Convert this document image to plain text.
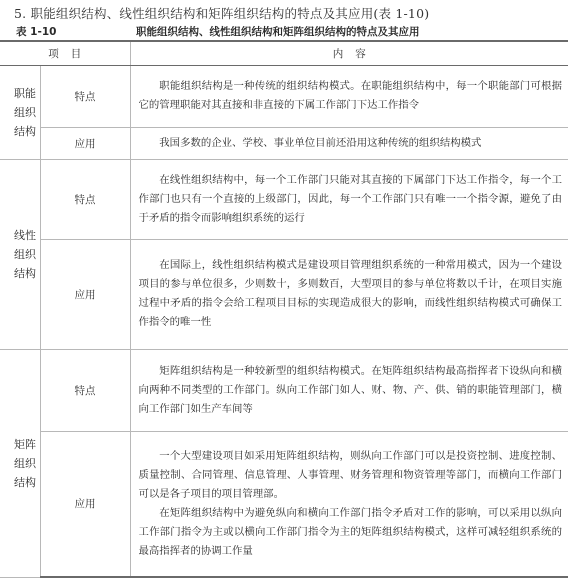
5. 职能组织结构、线性组织结构和矩阵组织结构的特点及其应用(表 1-10)
表 1-10	职能组织结构、线性组织结构和矩阵组织结构的特点及其应用
项目		内容

职能
组织
结构	特点	职能组织结构是一种传统的组织结构模式。在职能组织结构中，每一个职能部门可根据它的管理职能对其直接和非直接的下属工作部门下达工作指令

	应用	我国多数的企业、学校、事业单位目前还沿用这种传统的组织结构模式

线性
组织
结构	特点	在线性组织结构中，每一个工作部门只能对其直接的下属部门下达工作指令，每一个工作部门也只有一个直接的上级部门，因此，每一个工作部门只有唯一一个指令源，避免了由于矛盾的指令而影响组织系统的运行

	应用	在国际上，线性组织结构模式是建设项目管理组织系统的一种常用模式，因为一个建设项目的参与单位很多，少则数十，多则数百，大型项目的参与单位将数以千计，在项目实施过程中矛盾的指令会给工程项目目标的实现造成很大的影响，而线性组织结构模式可确保工作指令的唯一性

矩阵
组织
结构	特点	矩阵组织结构是一种较新型的组织结构模式。在矩阵组织结构最高指挥者下设纵向和横向两种不同类型的工作部门。纵向工作部门如人、财、物、产、供、销的职能管理部门，横向工作部门如生产车间等

	应用	一个大型建设项目如采用矩阵组织结构，则纵向工作部门可以是投资控制、进度控制、质量控制、合同管理、信息管理、人事管理、财务管理和物资管理等部门，而横向工作部门可以是各子项目的项目管理部。

在矩阵组织结构中为避免纵向和横向工作部门指令矛盾对工作的影响，可以采用以纵向工作部门指令为主或以横向工作部门指令为主的矩阵组织结构模式，这样可减轻组织系统的最高指挥者的协调工作量
